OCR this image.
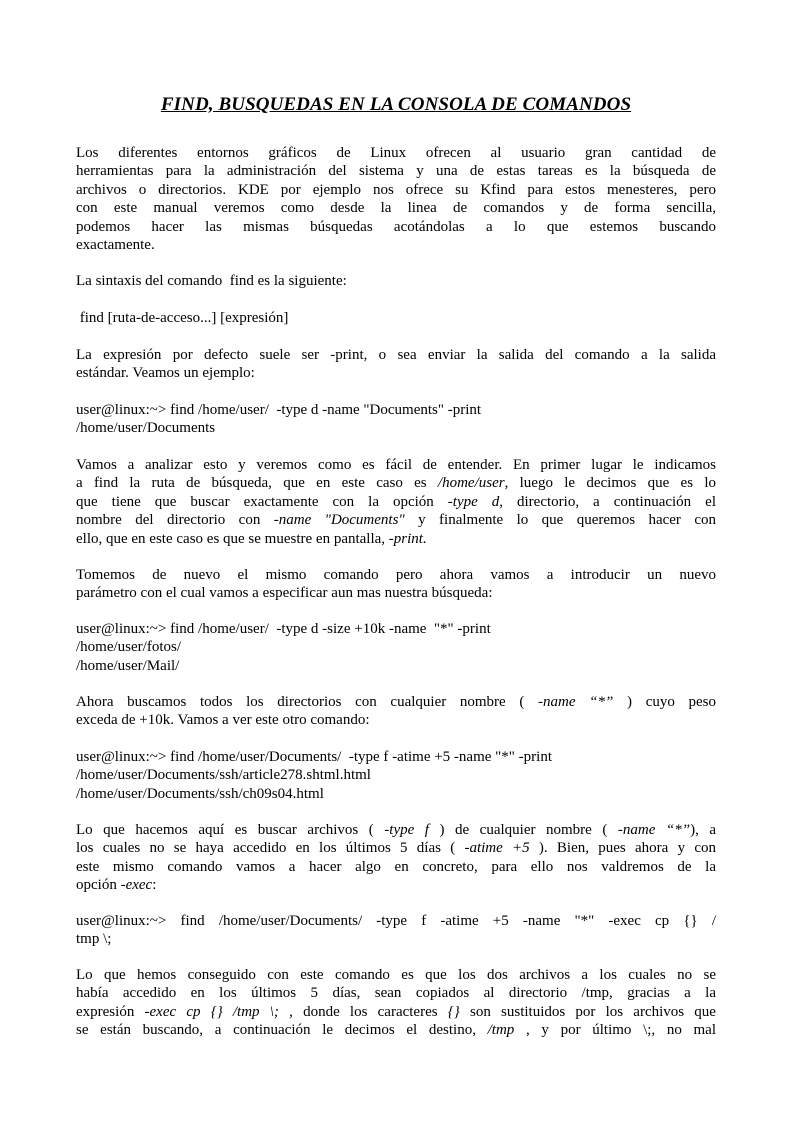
FIND, BUSQUEDAS EN LA CONSOLA DE COMANDOS
Los diferentes entornos gráficos de Linux ofrecen al usuario gran cantidad de
herramientas para la administración del sistema y una de estas tareas es la búsqueda de
archivos o directorios. KDE por ejemplo nos ofrece su Kfind para estos menesteres, pero
con este manual veremos como desde la linea de comandos y de forma sencilla,
podemos hacer las mismas búsquedas acotándolas a lo que estemos buscando
exactamente.
La sintaxis del comando  find es la siguiente:
find [ruta-de-acceso...] [expresión]
La expresión por defecto suele ser -print, o sea enviar la salida del comando a la salida
estándar. Veamos un ejemplo:
user@linux:~> find /home/user/  -type d -name "Documents" -print
/home/user/Documents
Vamos a analizar esto y veremos como es fácil de entender. En primer lugar le indicamos
a find la ruta de búsqueda, que en este caso es /home/user, luego le decimos que es lo
que tiene que buscar exactamente con la opción -type d, directorio, a continuación el
nombre del directorio con -name "Documents" y finalmente lo que queremos hacer con
ello, que en este caso es que se muestre en pantalla, -print.
Tomemos de nuevo el mismo comando pero ahora vamos a introducir un nuevo
parámetro con el cual vamos a especificar aun mas nuestra búsqueda:
user@linux:~> find /home/user/  -type d -size +10k -name  "*" -print
/home/user/fotos/
/home/user/Mail/
Ahora buscamos todos los directorios con cualquier nombre ( -name “*” ) cuyo peso
exceda de +10k. Vamos a ver este otro comando:
user@linux:~> find /home/user/Documents/  -type f -atime +5 -name "*" -print
/home/user/Documents/ssh/article278.shtml.html
/home/user/Documents/ssh/ch09s04.html
Lo que hacemos aquí es buscar archivos ( -type f ) de cualquier nombre ( -name “*”), a
los cuales no se haya accedido en los últimos 5 días ( -atime +5 ). Bien, pues ahora y con
este mismo comando vamos a hacer algo en concreto, para ello nos valdremos de la
opción -exec:
user@linux:~> find /home/user/Documents/ -type f -atime +5 -name "*" -exec cp {} /
tmp \;
Lo que hemos conseguido con este comando es que los dos archivos a los cuales no se
había accedido en los últimos 5 días, sean copiados al directorio /tmp, gracias a la
expresión -exec cp {} /tmp \; , donde los caracteres {} son sustituidos por los archivos que
se están buscando, a continuación le decimos el destino, /tmp , y por último \;, no mal
